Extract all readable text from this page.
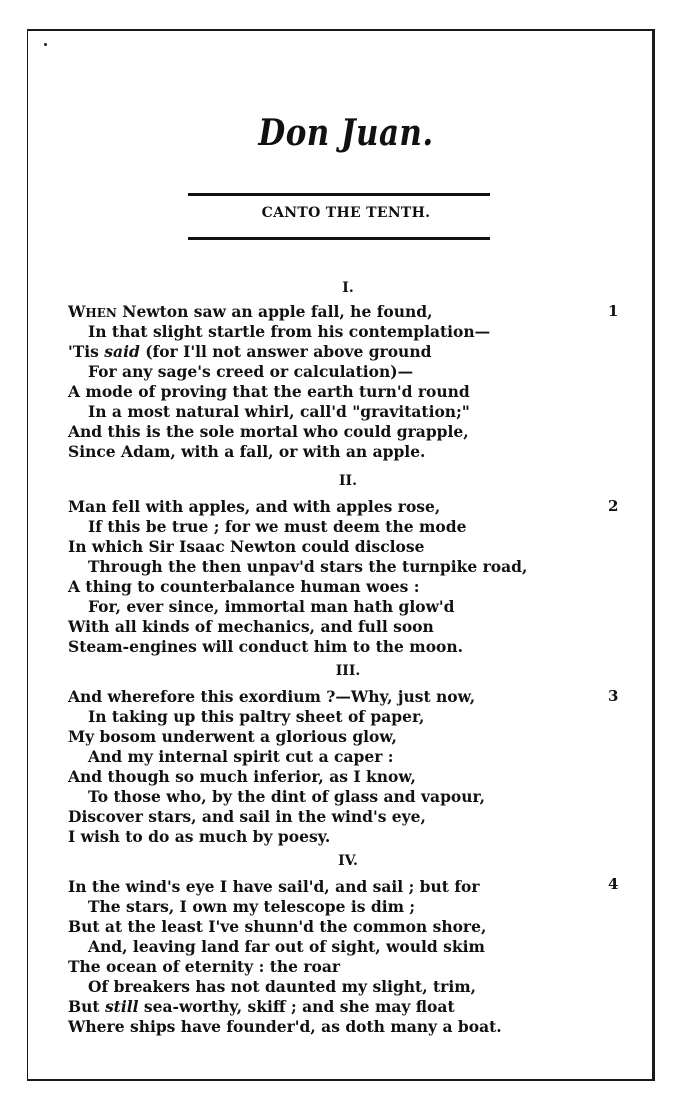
Don Juan.
CANTO THE TENTH.
I.
1
WHEN Newton saw an apple fall, he found,
In that slight startle from his contemplation—
'Tis said (for I'll not answer above ground
For any sage's creed or calculation)—
A mode of proving that the earth turn'd round
In a most natural whirl, call'd "gravitation;"
And this is the sole mortal who could grapple,
Since Adam, with a fall, or with an apple.
II.
2
Man fell with apples, and with apples rose,
If this be true ; for we must deem the mode
In which Sir Isaac Newton could disclose
Through the then unpav'd stars the turnpike road,
A thing to counterbalance human woes :
For, ever since, immortal man hath glow'd
With all kinds of mechanics, and full soon
Steam-engines will conduct him to the moon.
III.
3
And wherefore this exordium ?—Why, just now,
In taking up this paltry sheet of paper,
My bosom underwent a glorious glow,
And my internal spirit cut a caper :
And though so much inferior, as I know,
To those who, by the dint of glass and vapour,
Discover stars, and sail in the wind's eye,
I wish to do as much by poesy.
IV.
4
In the wind's eye I have sail'd, and sail ; but for
The stars, I own my telescope is dim ;
But at the least I've shunn'd the common shore,
And, leaving land far out of sight, would skim
The ocean of eternity : the roar
Of breakers has not daunted my slight, trim,
But still sea-worthy, skiff ; and she may float
Where ships have founder'd, as doth many a boat.
